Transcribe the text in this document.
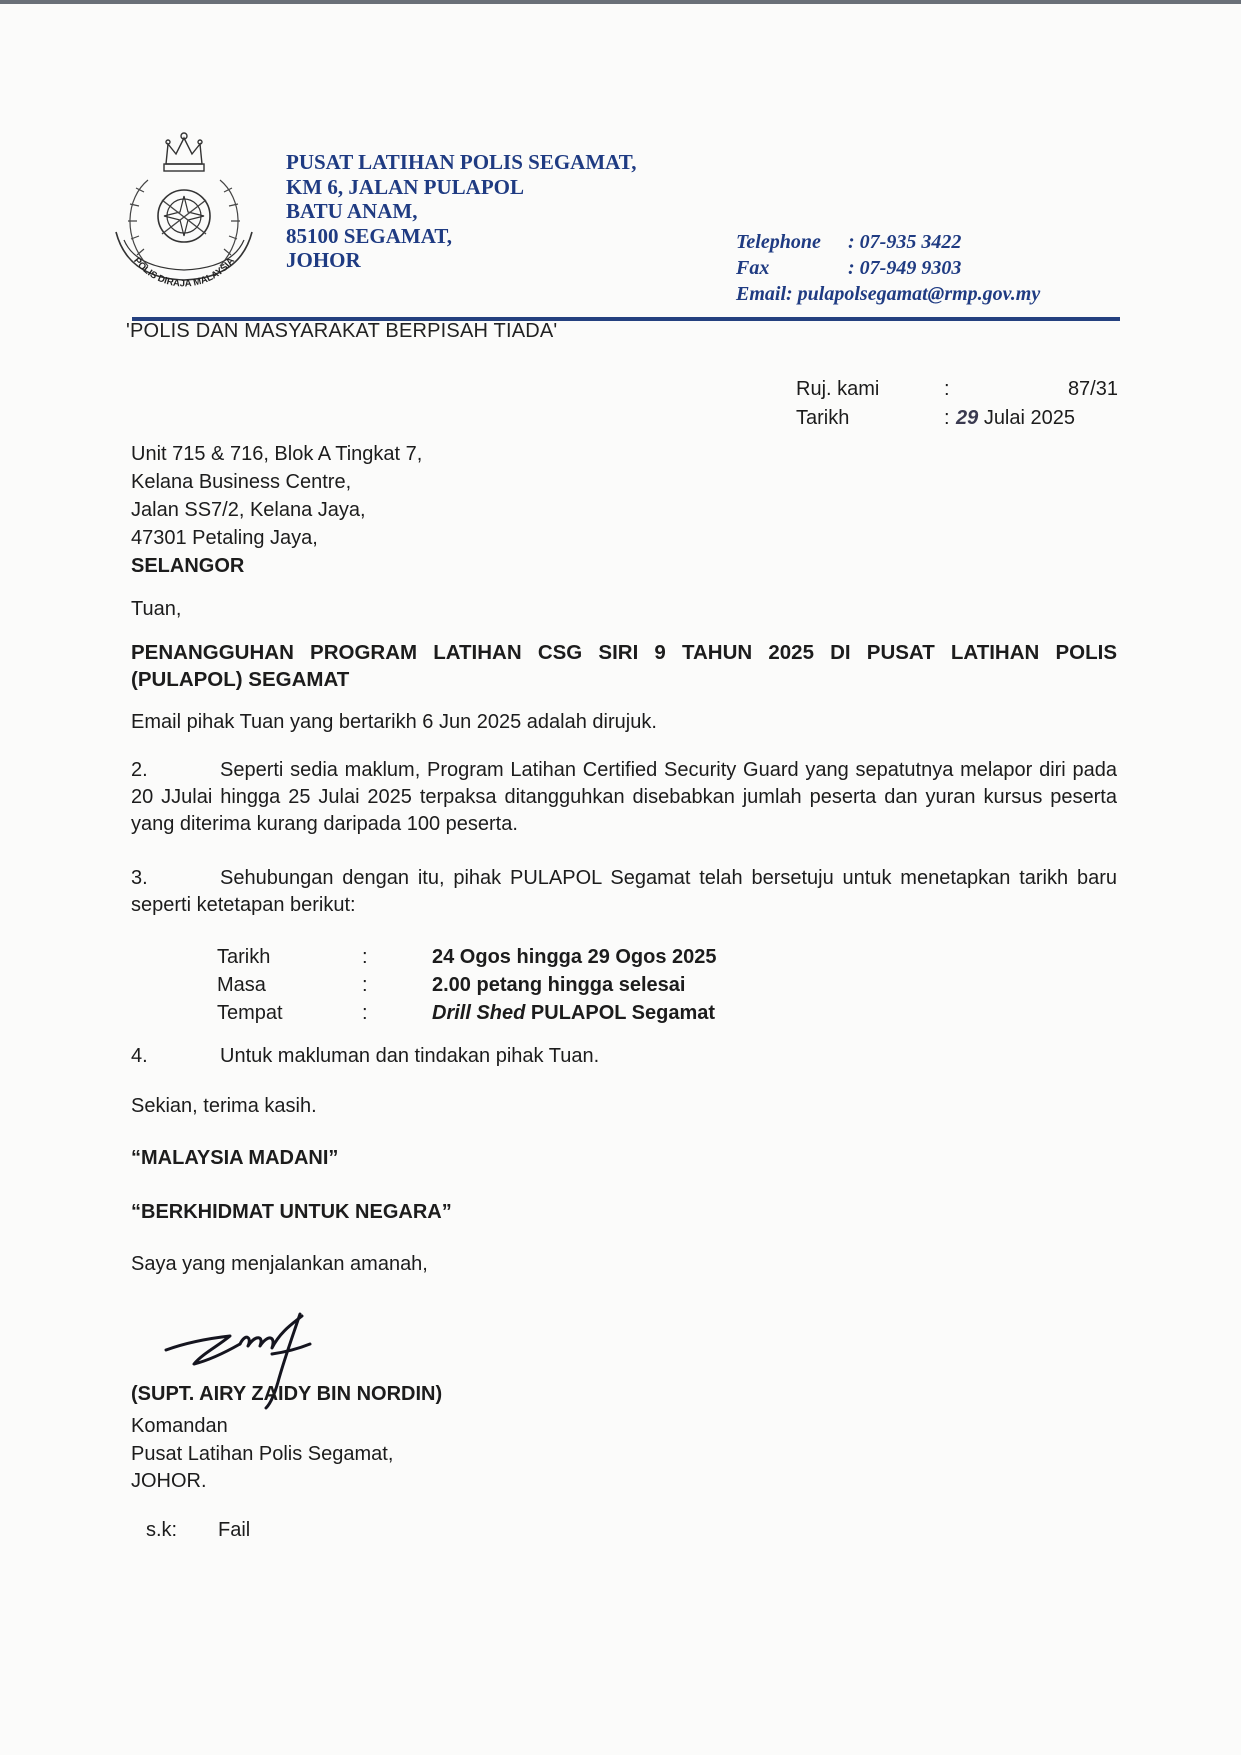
POLIS DIRAJA MALAYSIA
PUSAT LATIHAN POLIS SEGAMAT,
KM 6, JALAN PULAPOL
BATU ANAM,
85100 SEGAMAT,
JOHOR
Telephone : 07-935 3422
Fax	: 07-949 9303
Email: pulapolsegamat@rmp.gov.my
'POLIS DAN MASYARAKAT BERPISAH TIADA'
Ruj. kami	:	87/31
Tarikh	: 29 Julai 2025
Unit 715 & 716, Blok A Tingkat 7,
Kelana Business Centre,
Jalan SS7/2, Kelana Jaya,
47301 Petaling Jaya,
SELANGOR
Tuan,
PENANGGUHAN PROGRAM LATIHAN CSG SIRI 9 TAHUN 2025 DI PUSAT LATIHAN POLIS (PULAPOL) SEGAMAT
Email pihak Tuan yang bertarikh 6 Jun 2025 adalah dirujuk.
2.	Seperti sedia maklum, Program Latihan Certified Security Guard yang sepatutnya melapor diri pada 20 JJulai hingga 25 Julai 2025 terpaksa ditangguhkan disebabkan jumlah peserta dan yuran kursus peserta yang diterima kurang daripada 100 peserta.
3.	Sehubungan dengan itu, pihak PULAPOL Segamat telah bersetuju untuk menetapkan tarikh baru seperti ketetapan berikut:
Tarikh	:	24 Ogos hingga 29 Ogos 2025
Masa	:	2.00 petang hingga selesai
Tempat	:	Drill Shed PULAPOL Segamat
4.	Untuk makluman dan tindakan pihak Tuan.
Sekian, terima kasih.
“MALAYSIA MADANI”
“BERKHIDMAT UNTUK NEGARA”
Saya yang menjalankan amanah,
(SUPT. AIRY ZAIDY BIN NORDIN)
Komandan
Pusat Latihan Polis Segamat,
JOHOR.
s.k: Fail
